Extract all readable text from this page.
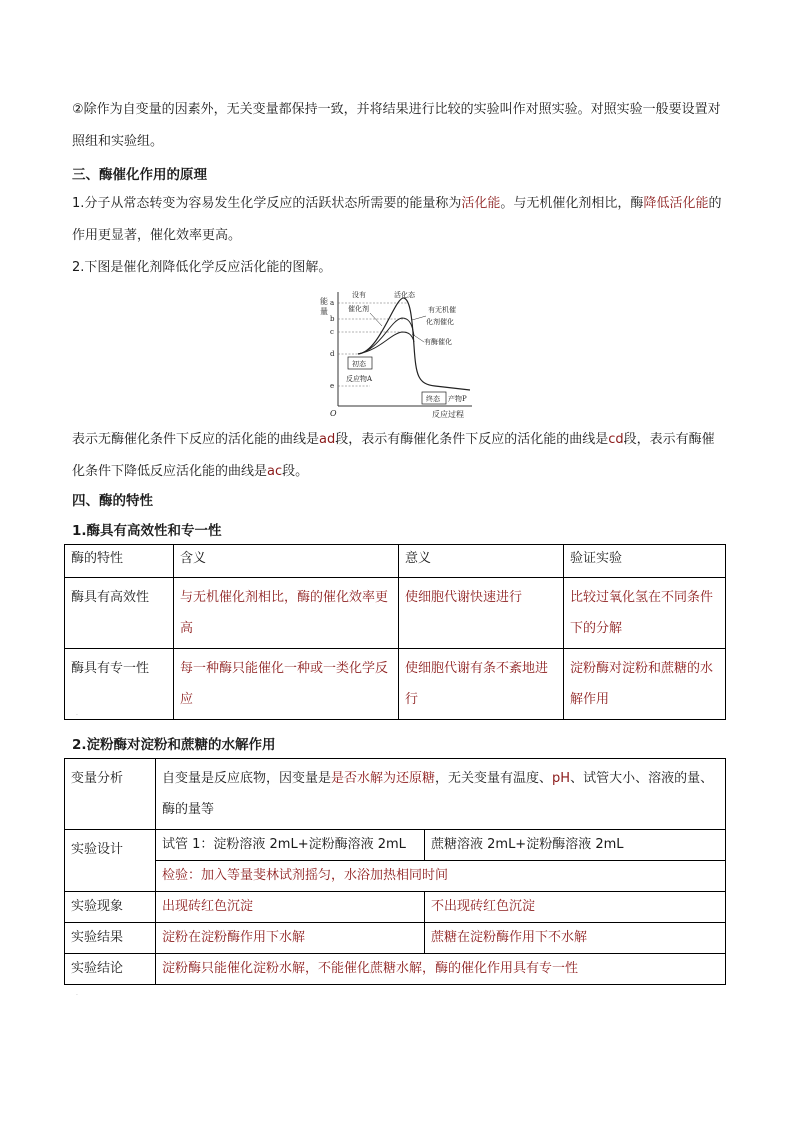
②除作为自变量的因素外，无关变量都保持一致，并将结果进行比较的实验叫作对照实验。对照实验一般要设置对照组和实验组。
三、酶催化作用的原理
1.分子从常态转变为容易发生化学反应的活跃状态所需要的能量称为活化能。与无机催化剂相比，酶降低活化能的作用更显著，催化效率更高。
2.下图是催化剂降低化学反应活化能的图解。
能
量
O	反应过程
a
b
c
d
e
初态
反应物A
终态 产物P
没有
催化剂
活化态
有无机催
化剂催化
有酶催化
表示无酶催化条件下反应的活化能的曲线是ad段，表示有酶催化条件下反应的活化能的曲线是cd段，表示有酶催化条件下降低反应活化能的曲线是ac段。
四、酶的特性
1.酶具有高效性和专一性
酶的特性	含义	意义	验证实验
酶具有高效性	与无机催化剂相比，酶的催化效率更高	使细胞代谢快速进行	比较过氧化氢在不同条件下的分解
酶具有专一性	每一种酶只能催化一种或一类化学反应	使细胞代谢有条不紊地进行	淀粉酶对淀粉和蔗糖的水解作用
·
2.淀粉酶对淀粉和蔗糖的水解作用
变量分析	自变量是反应底物，因变量是是否水解为还原糖，无关变量有温度、pH、试管大小、溶液的量、酶的量等	
实验设计	试管 1：淀粉溶液 2mL+淀粉酶溶液 2mL	蔗糖溶液 2mL+淀粉酶溶液 2mL
	检验：加入等量斐林试剂摇匀，水浴加热相同时间	
实验现象	出现砖红色沉淀	不出现砖红色沉淀
实验结果	淀粉在淀粉酶作用下水解	蔗糖在淀粉酶作用下不水解
实验结论	淀粉酶只能催化淀粉水解，不能催化蔗糖水解，酶的催化作用具有专一性	
·
